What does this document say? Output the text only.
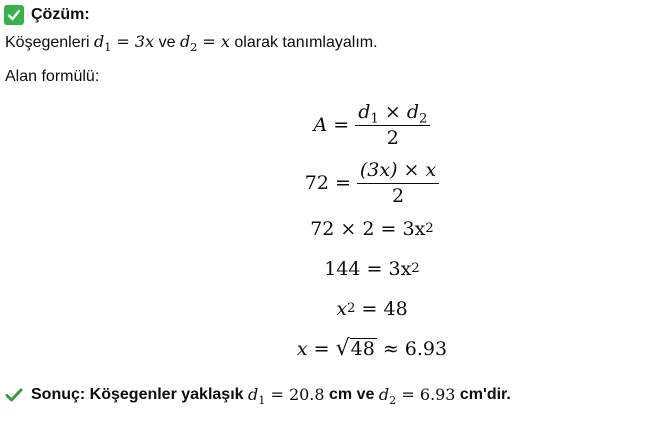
Çözüm:
Köşegenleri $d_1 = 3x$ ve $d_2 = x$ olarak tanımlayalım.
Alan formülü:
$A = \frac{d_1 \times d_2}{2}$
$72 = \frac{(3x) \times x}{2}$
72 × 2 = 3x 2
144 = 3x 2
x 2
= 48
x = √ 48
≈ 6.93
Sonuç: Köşegenler yaklaşık
$d_1 = 20.8$
cm ve
$d_2 = 6.93$
cm'dir.
